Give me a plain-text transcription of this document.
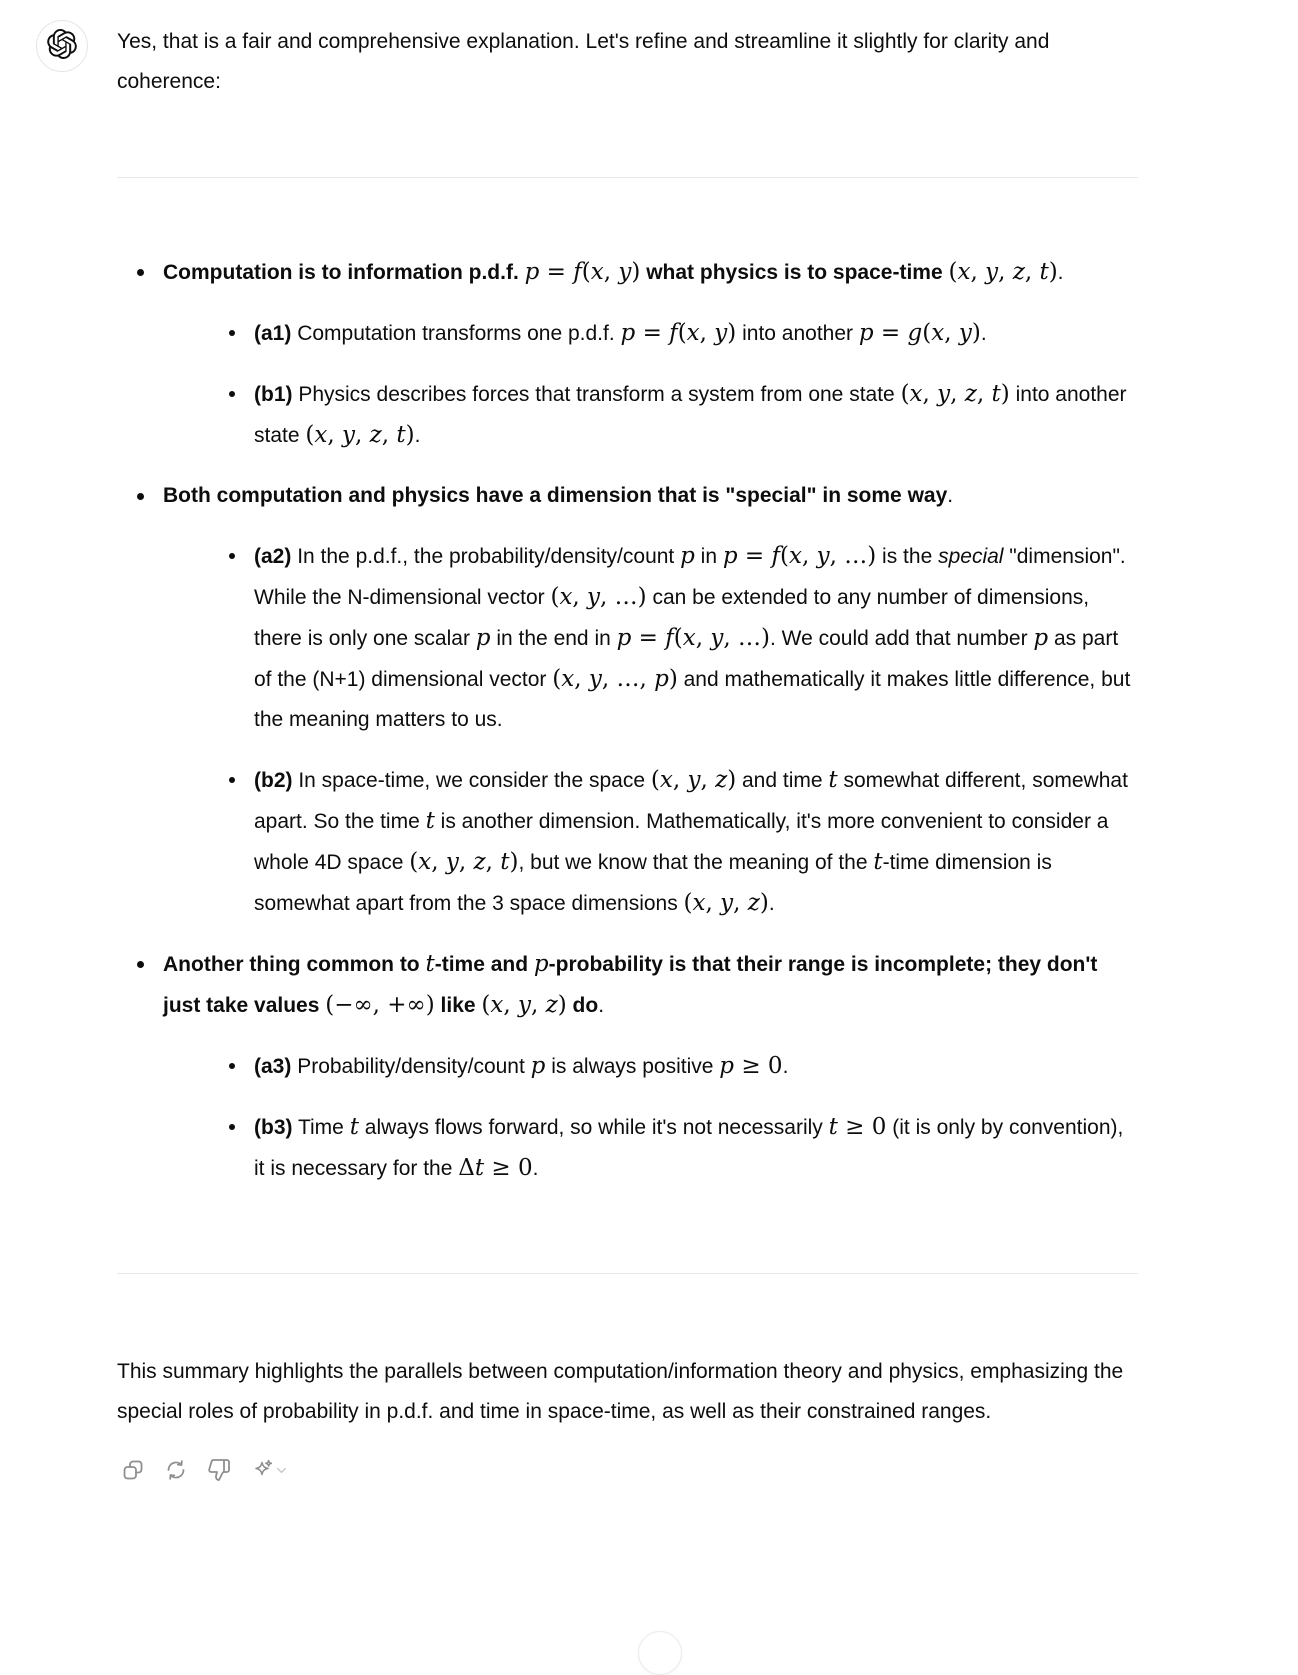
Yes, that is a fair and comprehensive explanation. Let's refine and streamline it slightly for clarity and coherence:

Computation is to information p.d.f. p = f(x, y) what physics is to space-time (x, y, z, t).
(a1) Computation transforms one p.d.f. p = f(x, y) into another p = g(x, y).
(b1) Physics describes forces that transform a system from one state (x, y, z, t) into another state (x, y, z, t).
Both computation and physics have a dimension that is "special" in some way.
(a2) In the p.d.f., the probability/density/count p in p = f(x, y, …) is the special "dimension". While the N-dimensional vector (x, y, …) can be extended to any number of dimensions, there is only one scalar p in the end in p = f(x, y, …). We could add that number p as part of the (N+1) dimensional vector (x, y, …, p) and mathematically it makes little difference, but the meaning matters to us.
(b2) In space-time, we consider the space (x, y, z) and time t somewhat different, somewhat apart. So the time t is another dimension. Mathematically, it's more convenient to consider a whole 4D space (x, y, z, t), but we know that the meaning of the t-time dimension is somewhat apart from the 3 space dimensions (x, y, z).
Another thing common to t-time and p-probability is that their range is incomplete; they don't just take values (−∞, +∞) like (x, y, z) do.
(a3) Probability/density/count p is always positive p ≥ 0.
(b3) Time t always flows forward, so while it's not necessarily t ≥ 0 (it is only by convention), it is necessary for the Δt ≥ 0.

This summary highlights the parallels between computation/information theory and physics, emphasizing the special roles of probability in p.d.f. and time in space-time, as well as their constrained ranges.
